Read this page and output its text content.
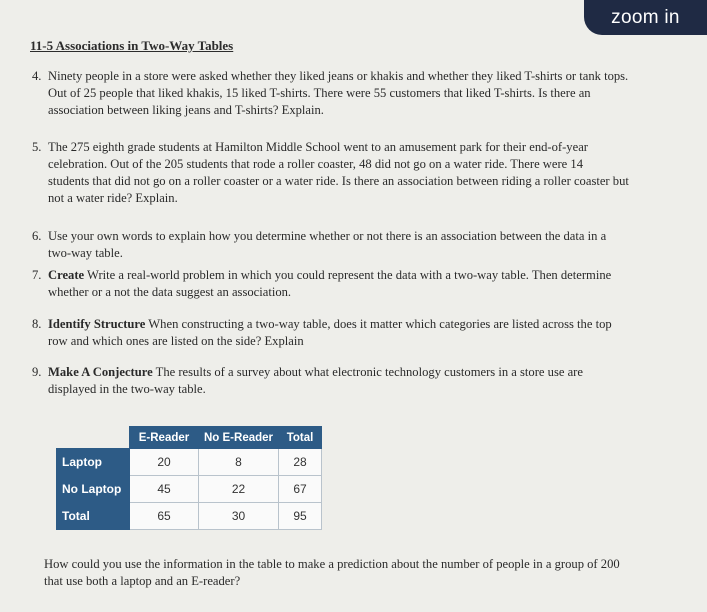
zoom in
11-5 Associations in Two-Way Tables
4. Ninety people in a store were asked whether they liked jeans or khakis and whether they liked T-shirts or tank tops.
Out of 25 people that liked khakis, 15 liked T-shirts. There were 55 customers that liked T-shirts. Is there an
association between liking jeans and T-shirts? Explain.
5. The 275 eighth grade students at Hamilton Middle School went to an amusement park for their end-of-year
celebration. Out of the 205 students that rode a roller coaster, 48 did not go on a water ride. There were 14
students that did not go on a roller coaster or a water ride. Is there an association between riding a roller coaster but
not a water ride? Explain.
6. Use your own words to explain how you determine whether or not there is an association between the data in a
two-way table.
7. Create Write a real-world problem in which you could represent the data with a two-way table. Then determine
whether or a not the data suggest an association.
8. Identify Structure When constructing a two-way table, does it matter which categories are listed across the top
row and which ones are listed on the side? Explain
9. Make A Conjecture The results of a survey about what electronic technology customers in a store use are
displayed in the two-way table.
	E-Reader	No E-Reader	Total
Laptop	20	8	28
No Laptop	45	22	67
Total	65	30	95
How could you use the information in the table to make a prediction about the number of people in a group of 200
that use both a laptop and an E-reader?
